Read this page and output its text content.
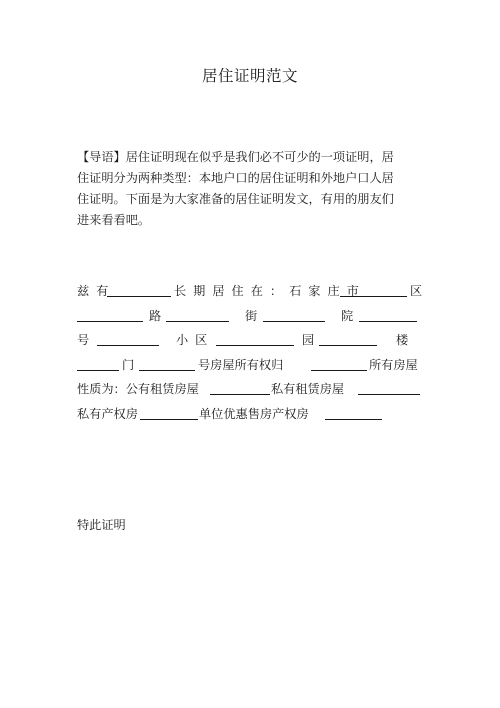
居住证明范文
【导语】居住证明现在似乎是我们必不可少的一项证明，居
住证明分为两种类型：本地户口的居住证明和外地户口人居
住证明。下面是为大家准备的居住证明发文，有用的朋友们
进来看看吧。
兹有	长期居住在：石家庄市	区
路	街	院
号	小区	园	楼
门	号房屋所有权归	所有房屋
性质为：公有租赁房屋	私有租赁房屋
私有产权房	单位优惠售房产权房
特此证明
